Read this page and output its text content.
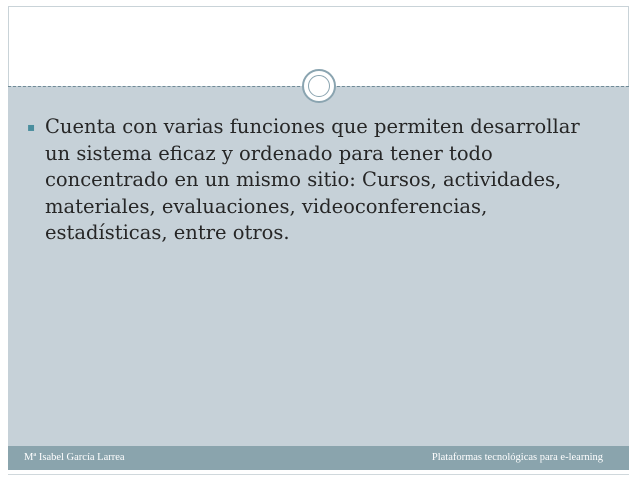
▪ Cuenta con varias funciones que permiten desarrollar un sistema eficaz y ordenado para tener todo concentrado en un mismo sitio: Cursos, actividades, materiales, evaluaciones, videoconferencias, estadísticas, entre otros.

Mª Isabel García Larrea	Plataformas tecnológicas para e-learning
